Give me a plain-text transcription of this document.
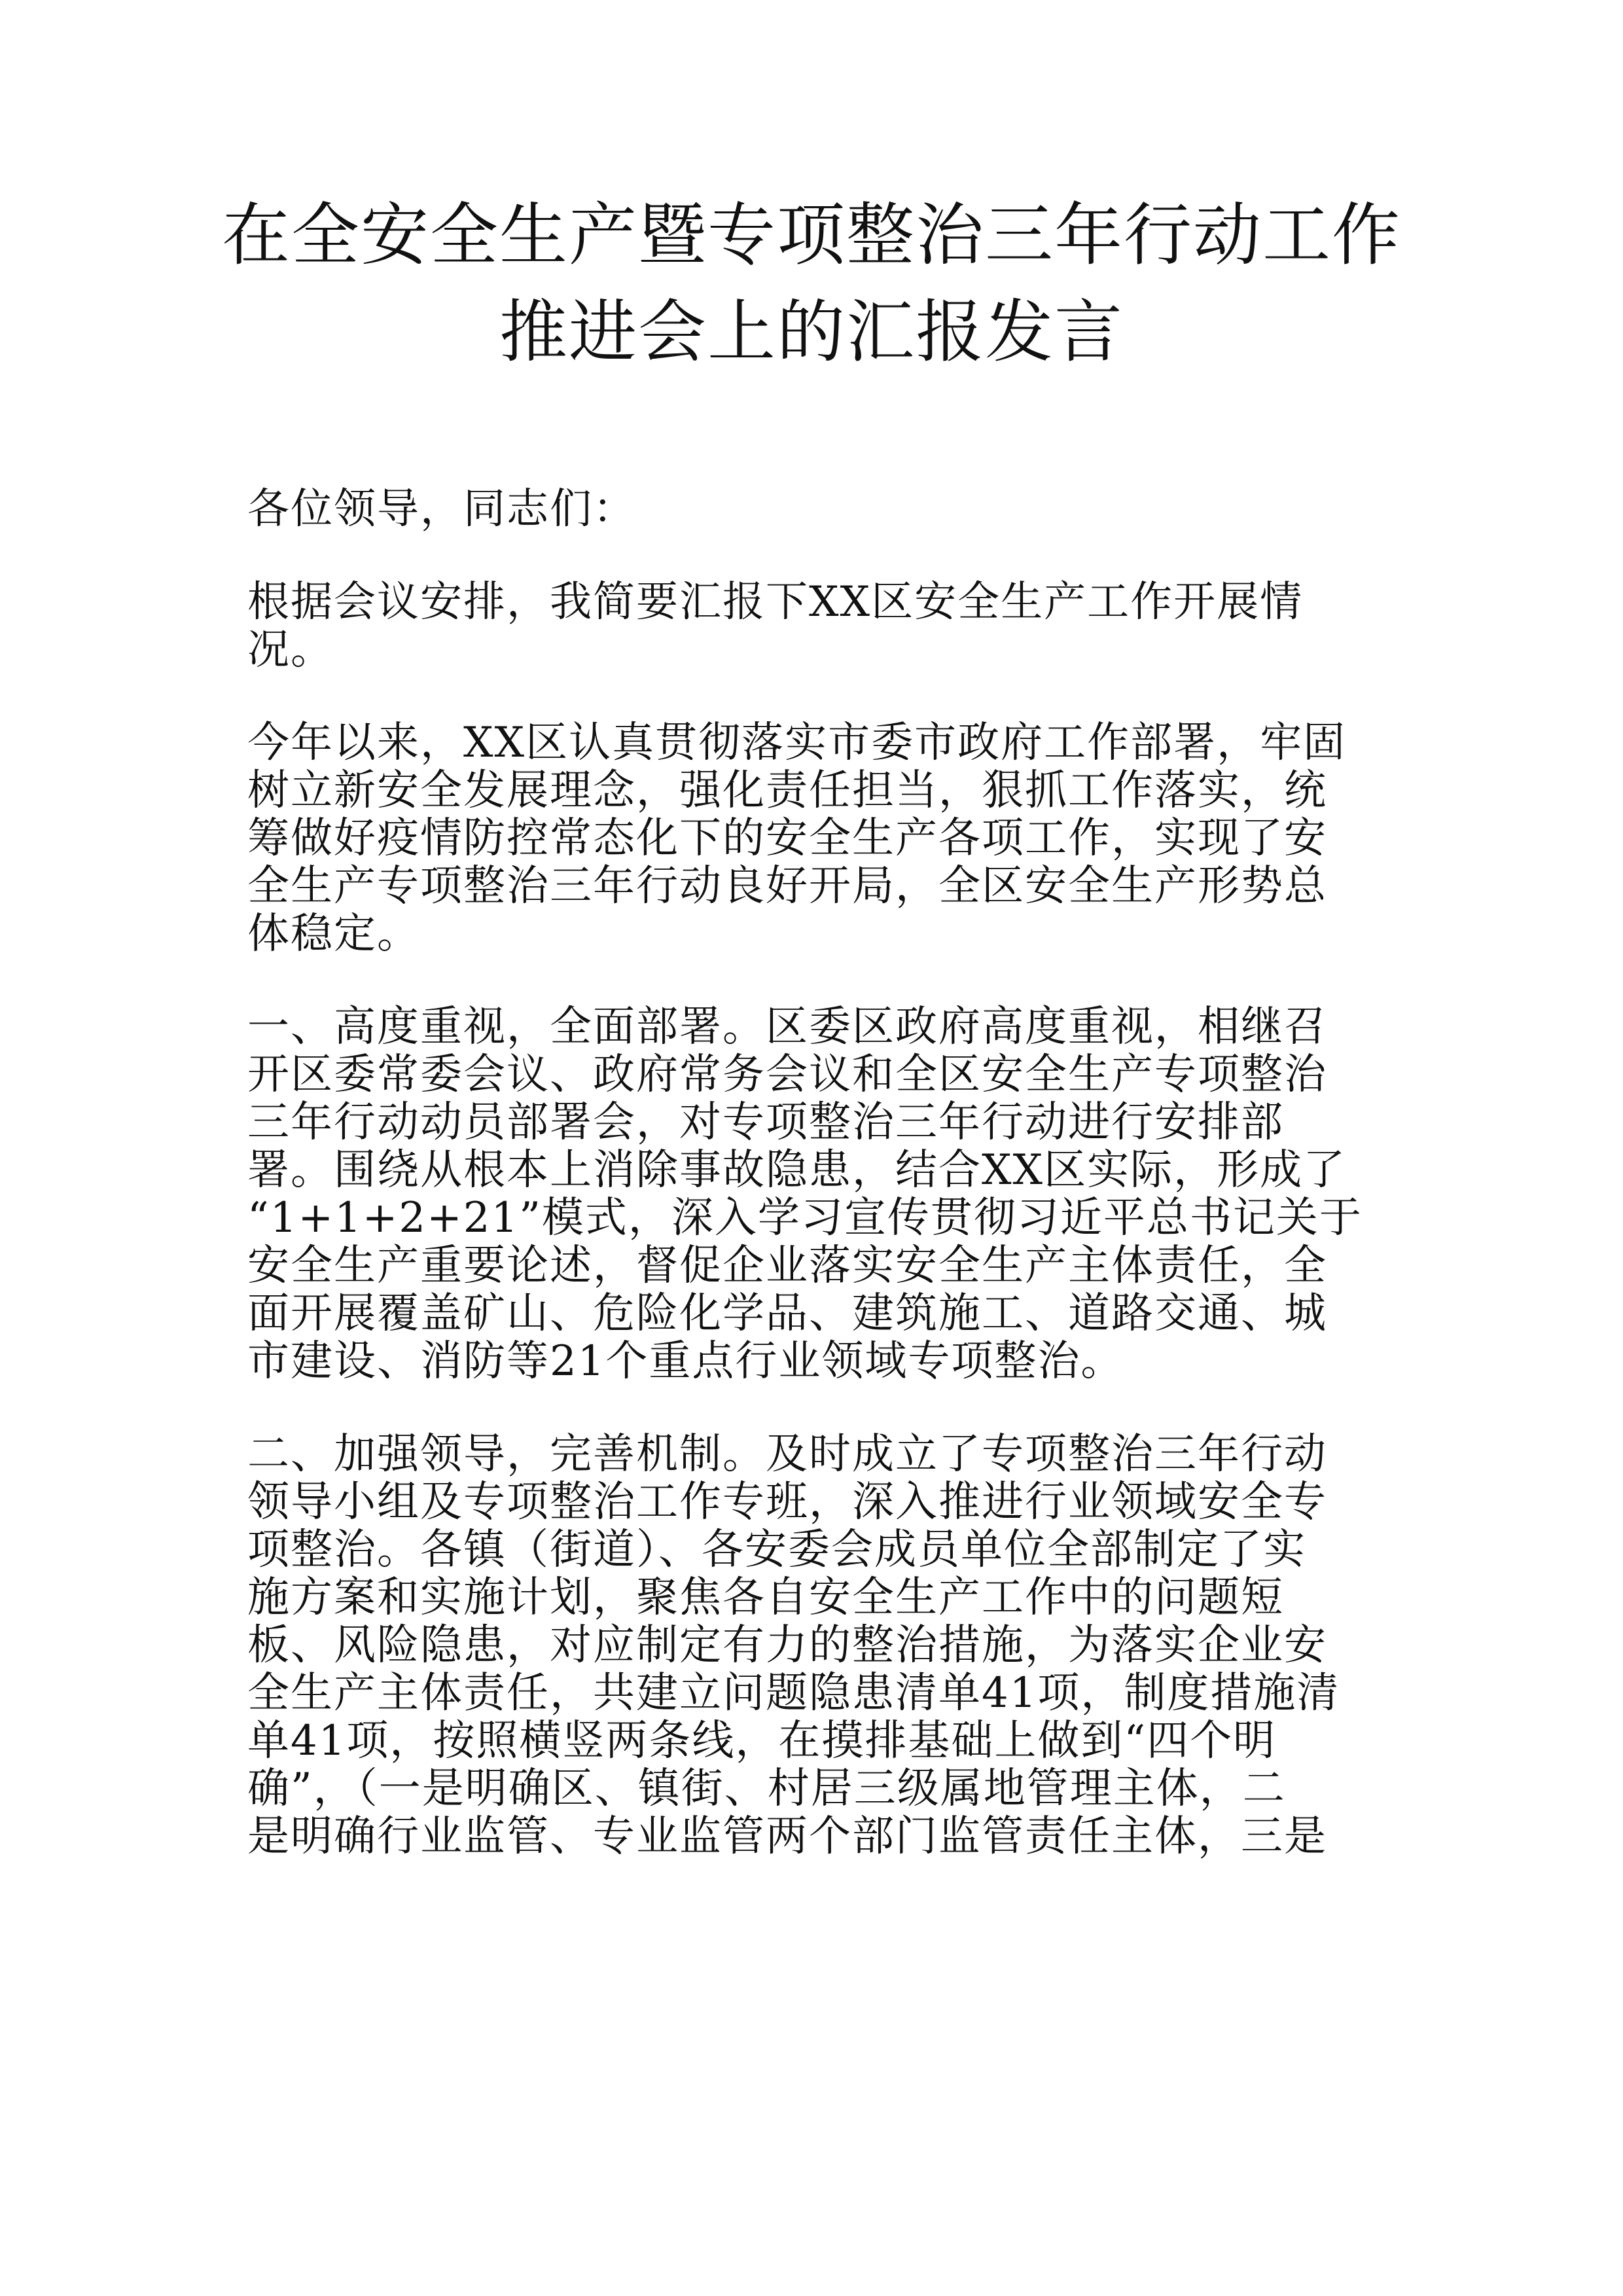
在全安全生产暨专项整治三年行动工作
推进会上的汇报发言
各位领导，同志们：
根据会议安排，我简要汇报下XX区安全生产工作开展情
况。
今年以来，XX区认真贯彻落实市委市政府工作部署，牢固
树立新安全发展理念，强化责任担当，狠抓工作落实，统
筹做好疫情防控常态化下的安全生产各项工作，实现了安
全生产专项整治三年行动良好开局，全区安全生产形势总
体稳定。
一、高度重视，全面部署。区委区政府高度重视，相继召
开区委常委会议、政府常务会议和全区安全生产专项整治
三年行动动员部署会，对专项整治三年行动进行安排部
署。围绕从根本上消除事故隐患，结合XX区实际，形成了
“1+1+2+21”模式，深入学习宣传贯彻习近平总书记关于
安全生产重要论述，督促企业落实安全生产主体责任，全
面开展覆盖矿山、危险化学品、建筑施工、道路交通、城
市建设、消防等21个重点行业领域专项整治。
二、加强领导，完善机制。及时成立了专项整治三年行动
领导小组及专项整治工作专班，深入推进行业领域安全专
项整治。各镇（街道）、各安委会成员单位全部制定了实
施方案和实施计划，聚焦各自安全生产工作中的问题短
板、风险隐患，对应制定有力的整治措施，为落实企业安
全生产主体责任，共建立问题隐患清单41项，制度措施清
单41项，按照横竖两条线，在摸排基础上做到“四个明
确”，（一是明确区、镇街、村居三级属地管理主体，二
是明确行业监管、专业监管两个部门监管责任主体，三是
